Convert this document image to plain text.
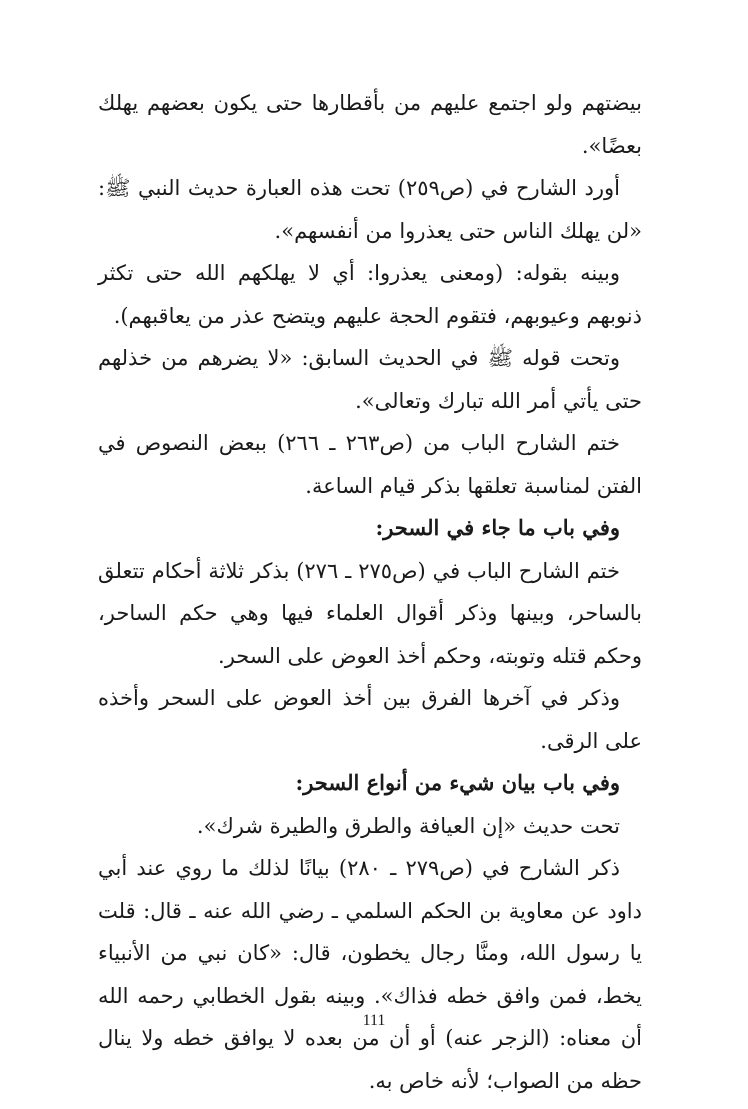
بيضتهم ولو اجتمع عليهم من بأقطارها حتى يكون بعضهم يهلك بعضًا».

أورد الشارح في (ص٢٥٩) تحت هذه العبارة حديث النبي ﷺ: «لن يهلك الناس حتى يعذروا من أنفسهم».

وبينه بقوله: (ومعنى يعذروا: أي لا يهلكهم الله حتى تكثر ذنوبهم وعيوبهم، فتقوم الحجة عليهم ويتضح عذر من يعاقبهم).

وتحت قوله ﷺ في الحديث السابق: «لا يضرهم من خذلهم حتى يأتي أمر الله تبارك وتعالى».

ختم الشارح الباب من (ص٢٦٣ ـ ٢٦٦) ببعض النصوص في الفتن لمناسبة تعلقها بذكر قيام الساعة.

وفي باب ما جاء في السحر:

ختم الشارح الباب في (ص٢٧٥ ـ ٢٧٦) بذكر ثلاثة أحكام تتعلق بالساحر، وبينها وذكر أقوال العلماء فيها وهي حكم الساحر، وحكم قتله وتوبته، وحكم أخذ العوض على السحر.

وذكر في آخرها الفرق بين أخذ العوض على السحر وأخذه على الرقى.

وفي باب بيان شيء من أنواع السحر:

تحت حديث «إن العيافة والطرق والطيرة شرك».

ذكر الشارح في (ص٢٧٩ ـ ٢٨٠) بيانًا لذلك ما روي عند أبي داود عن معاوية بن الحكم السلمي ـ رضي الله عنه ـ قال: قلت يا رسول الله، ومنَّا رجال يخطون، قال: «كان نبي من الأنبياء يخط، فمن وافق خطه فذاك». وبينه بقول الخطابي رحمه الله أن معناه: (الزجر عنه) أو أن من بعده لا يوافق خطه ولا ينال حظه من الصواب؛ لأنه خاص به.

111
